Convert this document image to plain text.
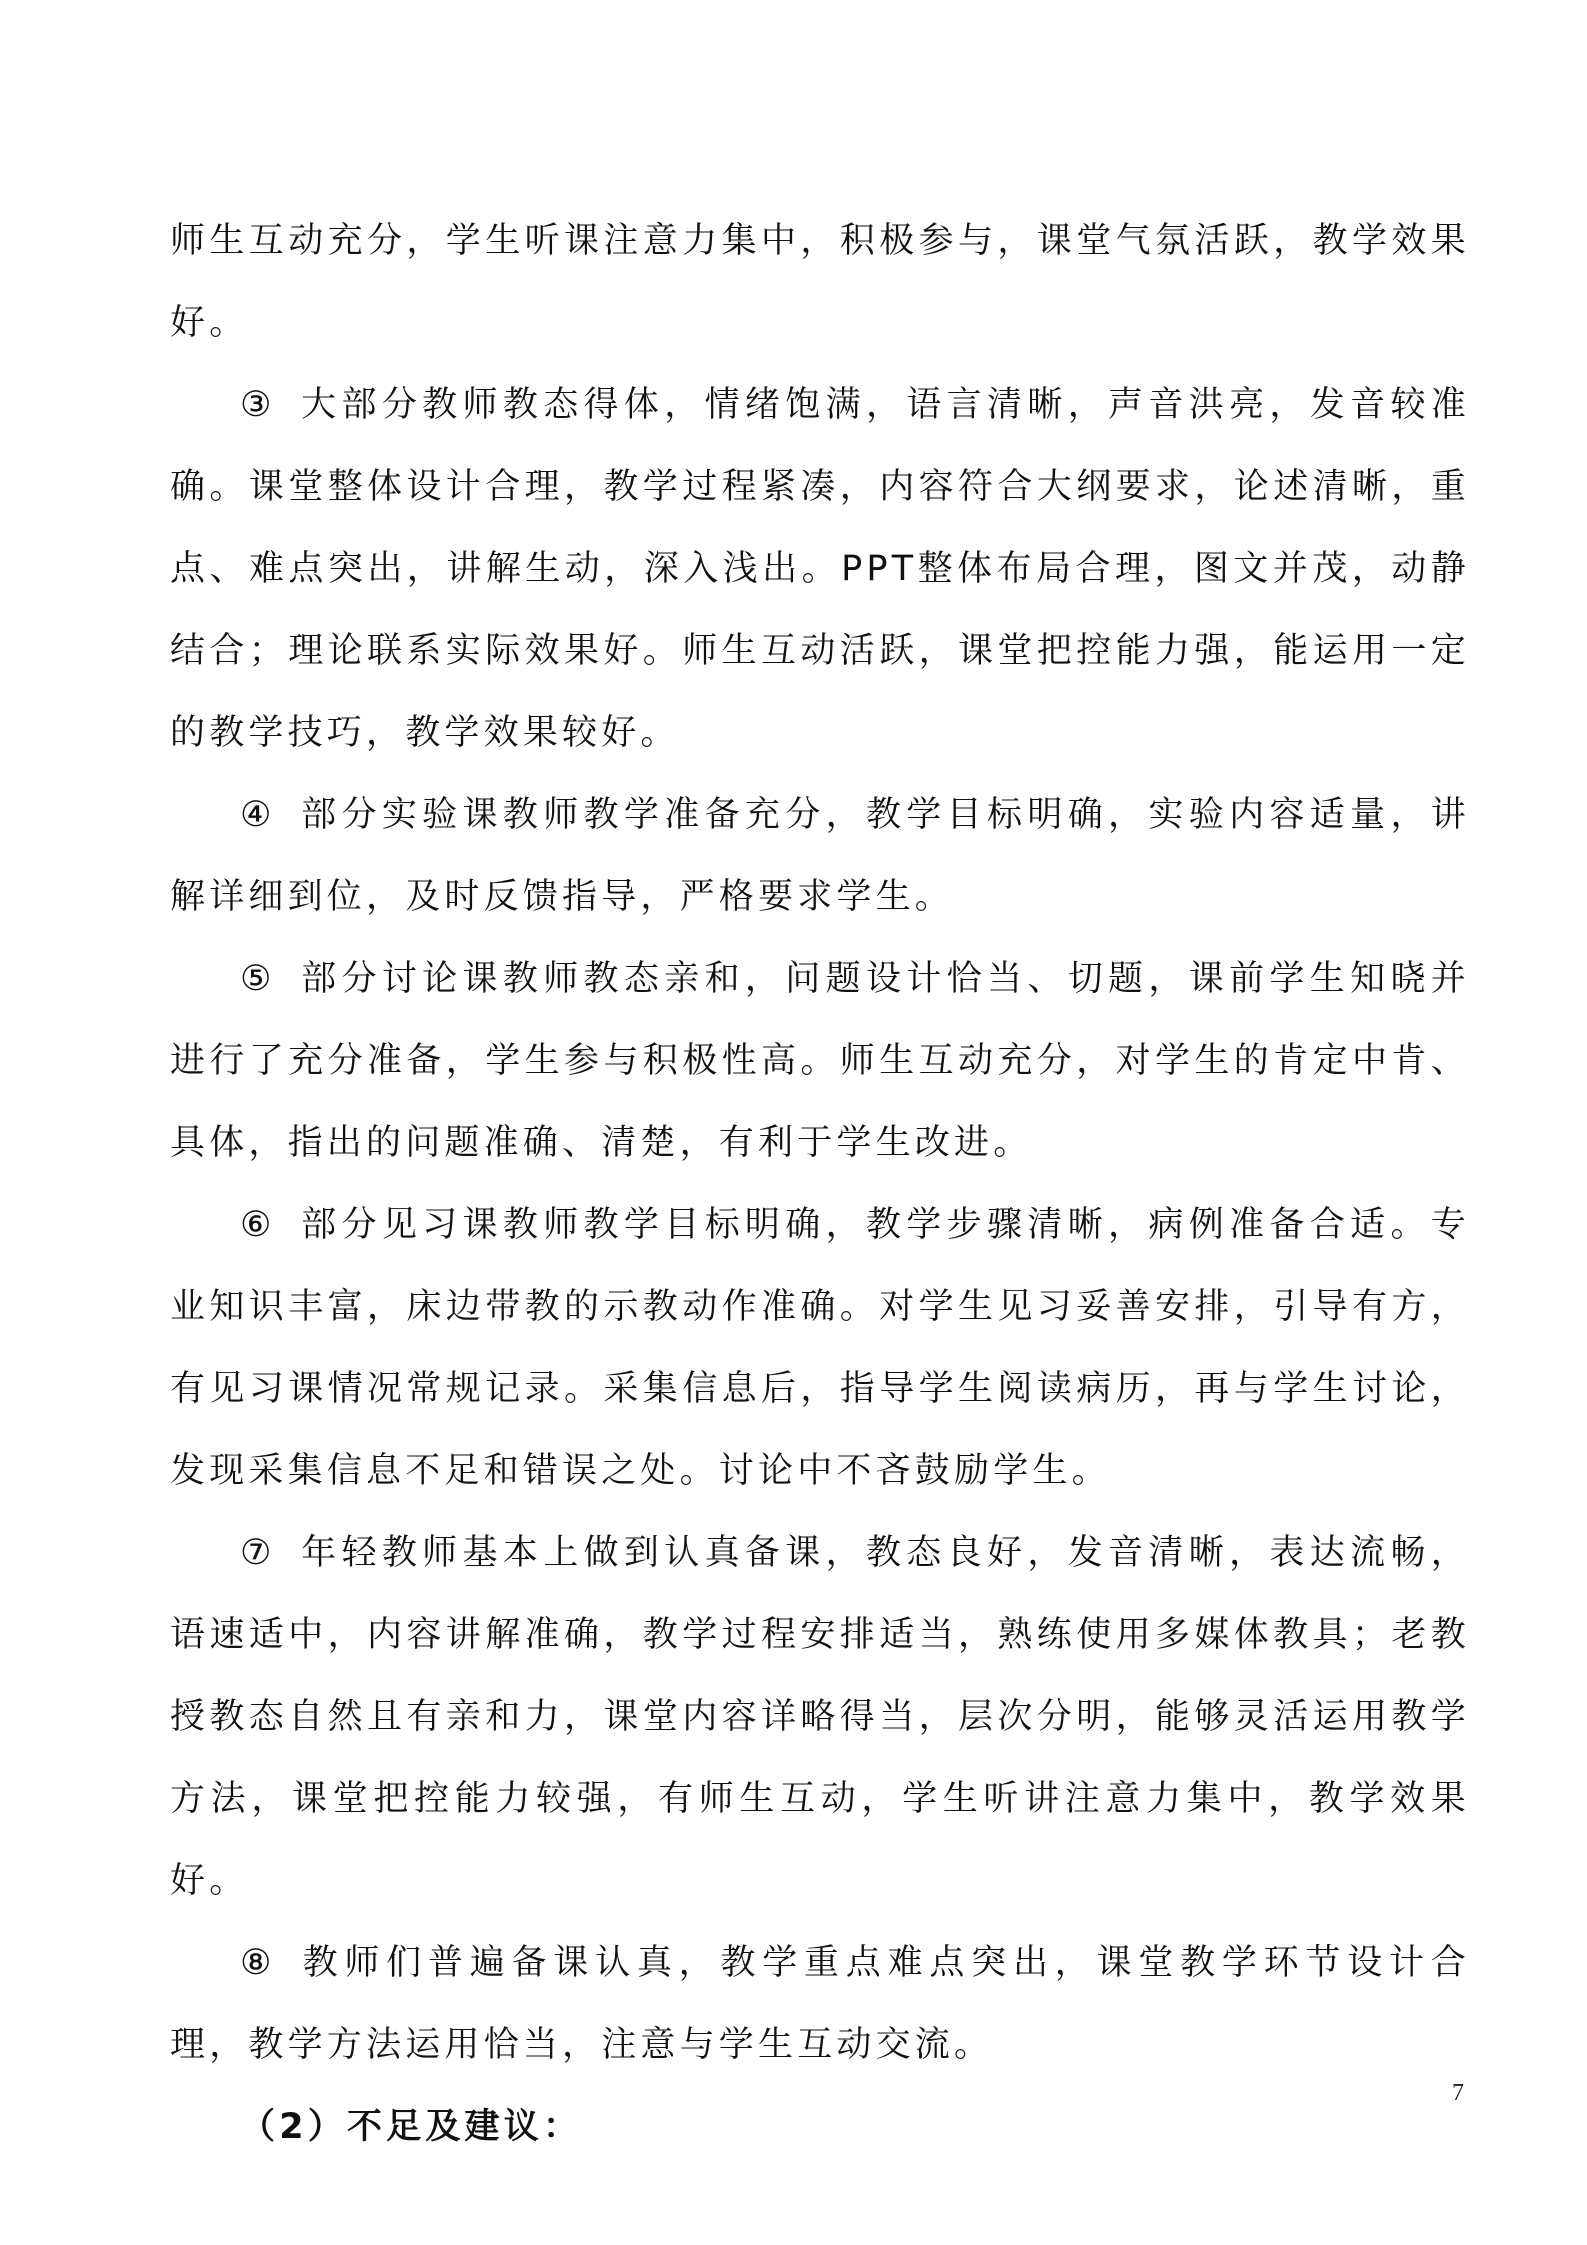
师生互动充分，学生听课注意力集中，积极参与，课堂气氛活跃，教学效果好。

③ 大部分教师教态得体，情绪饱满，语言清晰，声音洪亮，发音较准确。课堂整体设计合理，教学过程紧凑，内容符合大纲要求，论述清晰，重点、难点突出，讲解生动，深入浅出。PPT整体布局合理，图文并茂，动静结合；理论联系实际效果好。师生互动活跃，课堂把控能力强，能运用一定的教学技巧，教学效果较好。

④ 部分实验课教师教学准备充分，教学目标明确，实验内容适量，讲解详细到位，及时反馈指导，严格要求学生。

⑤ 部分讨论课教师教态亲和，问题设计恰当、切题，课前学生知晓并进行了充分准备，学生参与积极性高。师生互动充分，对学生的肯定中肯、具体，指出的问题准确、清楚，有利于学生改进。

⑥ 部分见习课教师教学目标明确，教学步骤清晰，病例准备合适。专业知识丰富，床边带教的示教动作准确。对学生见习妥善安排，引导有方，有见习课情况常规记录。采集信息后，指导学生阅读病历，再与学生讨论，发现采集信息不足和错误之处。讨论中不吝鼓励学生。

⑦ 年轻教师基本上做到认真备课，教态良好，发音清晰，表达流畅，语速适中，内容讲解准确，教学过程安排适当，熟练使用多媒体教具；老教授教态自然且有亲和力，课堂内容详略得当，层次分明，能够灵活运用教学方法，课堂把控能力较强，有师生互动，学生听讲注意力集中，教学效果好。

⑧ 教师们普遍备课认真，教学重点难点突出，课堂教学环节设计合理，教学方法运用恰当，注意与学生互动交流。

（2）不足及建议：

7
